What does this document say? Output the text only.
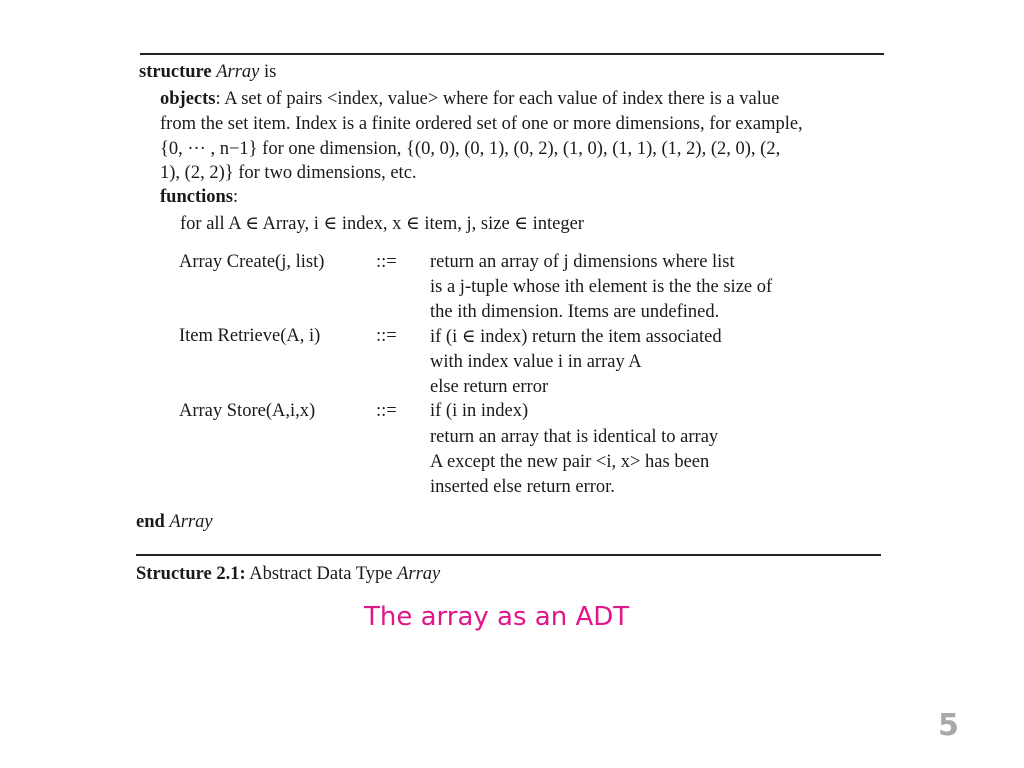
structure Array is
objects: A set of pairs <index, value> where for each value of index there is a value
from the set item. Index is a finite ordered set of one or more dimensions, for example,
{0, ··· , n−1} for one dimension, {(0, 0), (0, 1), (0, 2), (1, 0), (1, 1), (1, 2), (2, 0), (2,
1), (2, 2)} for two dimensions, etc.
functions:
for all A ∈ Array, i ∈ index, x ∈ item, j, size ∈ integer
Array Create(j, list)	::= return an array of j dimensions where list
is a j-tuple whose ith element is the the size of
the ith dimension. Items are undefined.
Item Retrieve(A, i)	::= if (i ∈ index) return the item associated
with index value i in array A
else return error
Array Store(A,i,x)	::= if (i in index)
return an array that is identical to array
A except the new pair <i, x> has been
inserted else return error.
end Array
Structure 2.1: Abstract Data Type Array
The array as an ADT
5
